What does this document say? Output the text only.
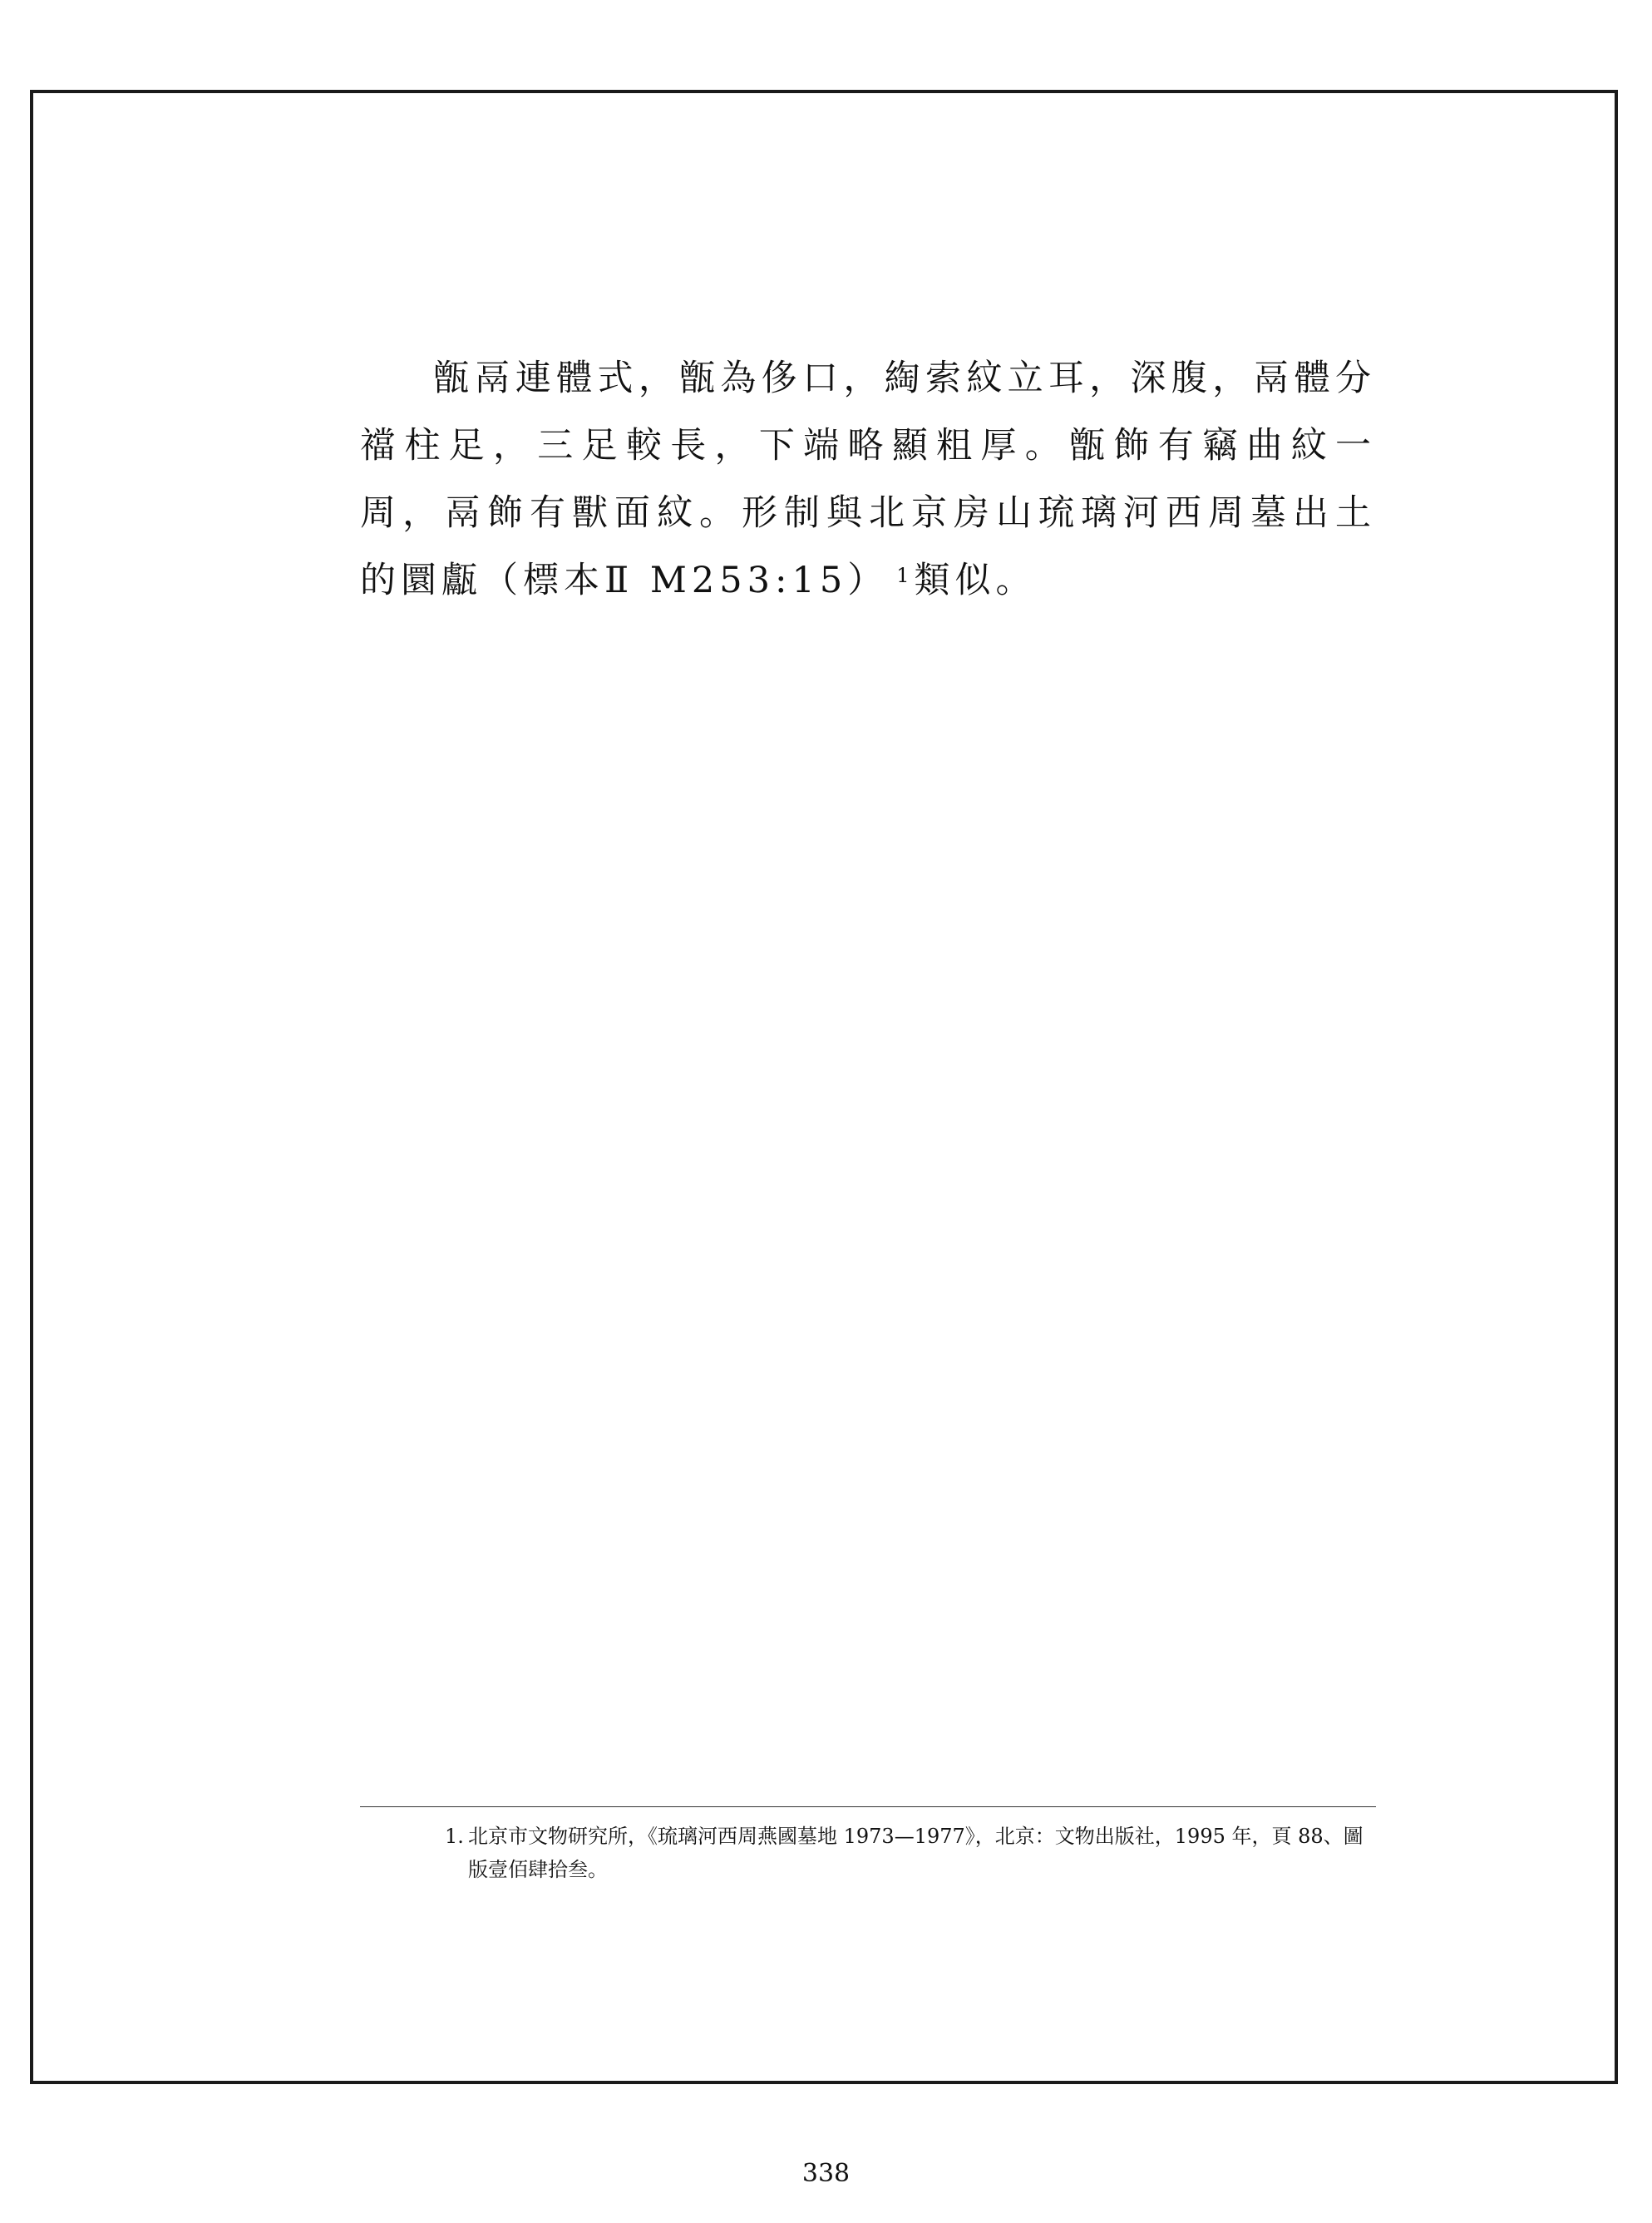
甑鬲連體式，甑為侈口，綯索紋立耳，深腹，鬲體分襠柱足，三足較長，下端略顯粗厚。甑飾有竊曲紋一周，鬲飾有獸面紋。形制與北京房山琉璃河西周墓出土的圜甗（標本Ⅱ M253:15） $^1$ 類似。

1. 北京市文物研究所，《琉璃河西周燕國墓地 1973—1977》，北京：文物出版社，1995 年，頁 88、圖版壹佰肆拾叁。

338
